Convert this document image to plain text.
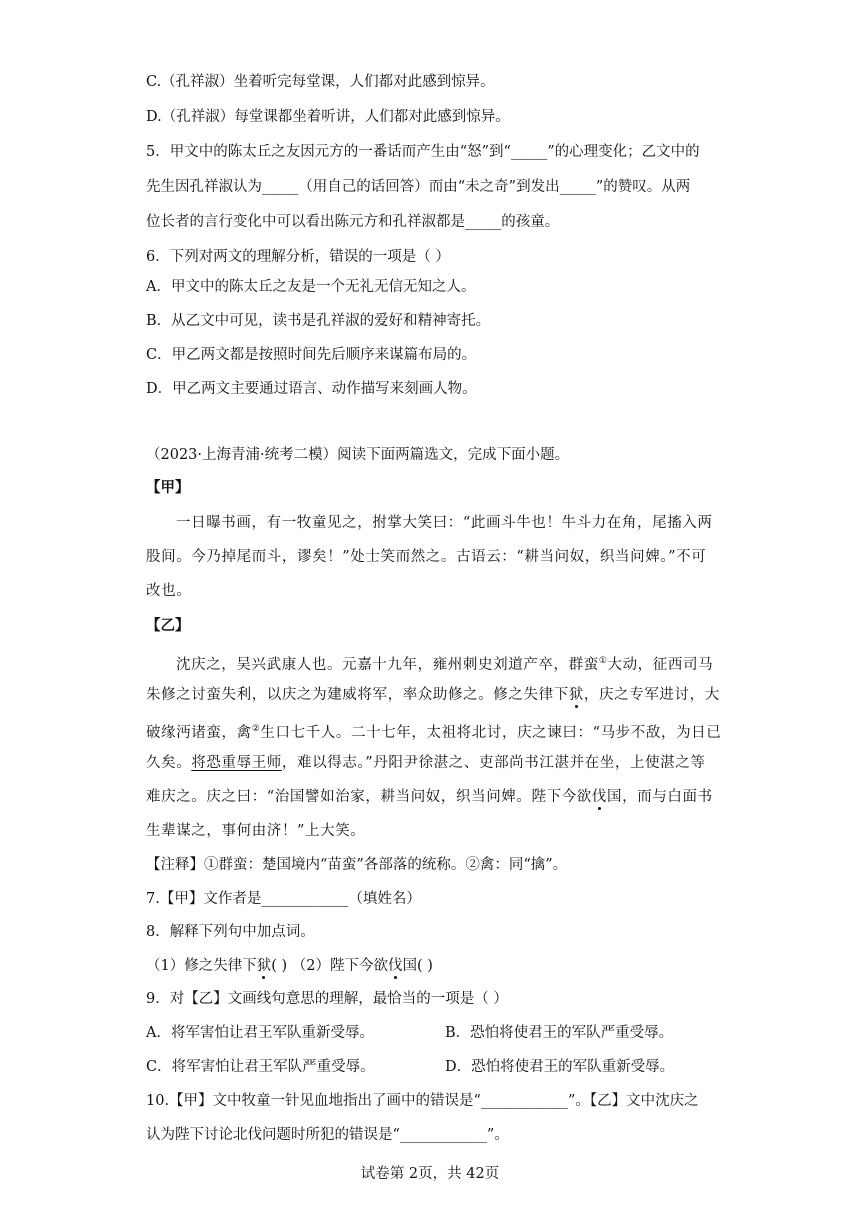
C.（孔祥淑）坐着听完每堂课，人们都对此感到惊异。
D.（孔祥淑）每堂课都坐着听讲，人们都对此感到惊异。
5．甲文中的陈太丘之友因元方的一番话而产生由“怒”到“_____”的心理变化；乙文中的
先生因孔祥淑认为_____（用自己的话回答）而由“未之奇”到发出_____”的赞叹。从两
位长者的言行变化中可以看出陈元方和孔祥淑都是_____的孩童。
6．下列对两文的理解分析，错误的一项是（ ）
A．甲文中的陈太丘之友是一个无礼无信无知之人。
B．从乙文中可见，读书是孔祥淑的爱好和精神寄托。
C．甲乙两文都是按照时间先后顺序来谋篇布局的。
D．甲乙两文主要通过语言、动作描写来刻画人物。
（2023·上海青浦·统考二模）阅读下面两篇选文，完成下面小题。
【甲】
一日曝书画，有一牧童见之，拊掌大笑曰：“此画斗牛也！牛斗力在角，尾搐入两
股间。今乃掉尾而斗，谬矣！”处士笑而然之。古语云：“耕当问奴，织当问婢。”不可
改也。
【乙】
沈庆之，吴兴武康人也。元嘉十九年，雍州刺史刘道产卒，群蛮①大动，征西司马
朱修之讨蛮失利，以庆之为建威将军，率众助修之。修之失律下狱，庆之专军进讨，大
破缘沔诸蛮，禽②生口七千人。二十七年，太祖将北讨，庆之谏曰：“马步不敌，为日已
久矣。将恐重辱王师，难以得志。”丹阳尹徐湛之、吏部尚书江湛并在坐，上使湛之等
难庆之。庆之曰：“治国譬如治家，耕当问奴，织当问婢。陛下今欲伐国，而与白面书
生辈谋之，事何由济！”上大笑。
【注释】①群蛮：楚国境内“苗蛮”各部落的统称。②禽：同“擒”。
7.【甲】文作者是____________（填姓名）
8．解释下列句中加点词。
（1）修之失律下狱( ) （2）陛下今欲伐国( )
9．对【乙】文画线句意思的理解，最恰当的一项是（ ）
A．将军害怕让君王军队重新受辱。	B．恐怕将使君王的军队严重受辱。
C．将军害怕让君王军队严重受辱。	D．恐怕将使君王的军队重新受辱。
10.【甲】文中牧童一针见血地指出了画中的错误是“____________”。【乙】文中沈庆之
认为陛下讨论北伐问题时所犯的错误是“____________”。
试卷第 2页，共 42页
